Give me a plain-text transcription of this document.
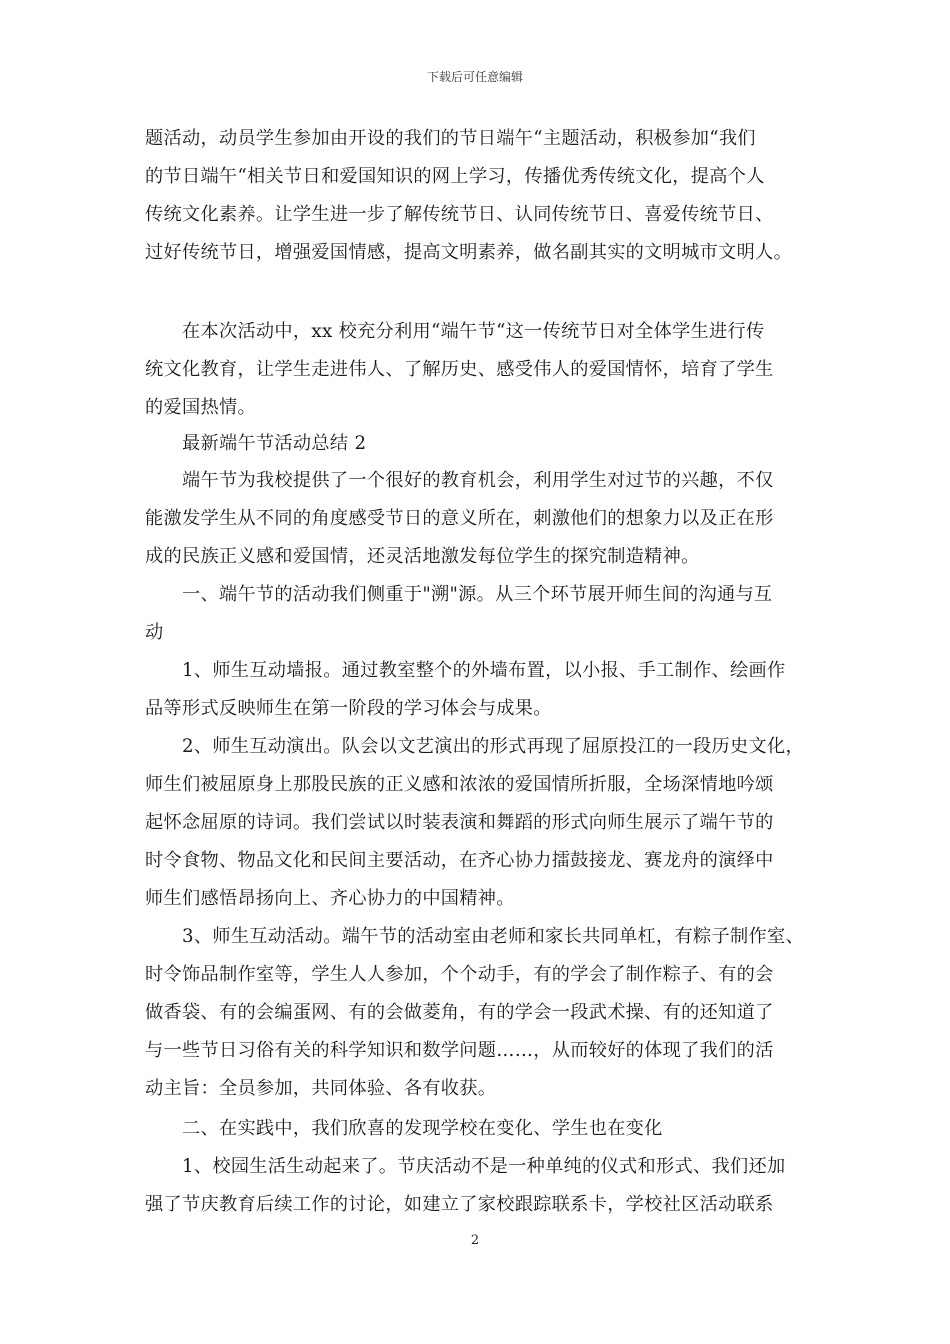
下载后可任意编辑
题活动，动员学生参加由开设的我们的节日端午“主题活动，积极参加“我们
的节日端午“相关节日和爱国知识的网上学习，传播优秀传统文化，提高个人
传统文化素养。让学生进一步了解传统节日、认同传统节日、喜爱传统节日、
过好传统节日，增强爱国情感，提高文明素养，做名副其实的文明城市文明人。
　　在本次活动中，xx 校充分利用“端午节“这一传统节日对全体学生进行传
统文化教育，让学生走进伟人、了解历史、感受伟人的爱国情怀，培育了学生
的爱国热情。
　　最新端午节活动总结 2
　　端午节为我校提供了一个很好的教育机会，利用学生对过节的兴趣，不仅
能激发学生从不同的角度感受节日的意义所在，刺激他们的想象力以及正在形
成的民族正义感和爱国情，还灵活地激发每位学生的探究制造精神。
　　一、端午节的活动我们侧重于"溯"源。从三个环节展开师生间的沟通与互
动
　　1、师生互动墙报。通过教室整个的外墙布置，以小报、手工制作、绘画作
品等形式反映师生在第一阶段的学习体会与成果。
　　2、师生互动演出。队会以文艺演出的形式再现了屈原投江的一段历史文化，
师生们被屈原身上那股民族的正义感和浓浓的爱国情所折服，全场深情地吟颂
起怀念屈原的诗词。我们尝试以时装表演和舞蹈的形式向师生展示了端午节的
时令食物、物品文化和民间主要活动，在齐心协力擂鼓接龙、赛龙舟的演绎中
师生们感悟昂扬向上、齐心协力的中国精神。
　　3、师生互动活动。端午节的活动室由老师和家长共同单杠，有粽子制作室、
时令饰品制作室等，学生人人参加，个个动手，有的学会了制作粽子、有的会
做香袋、有的会编蛋网、有的会做菱角，有的学会一段武术操、有的还知道了
与一些节日习俗有关的科学知识和数学问题……，从而较好的体现了我们的活
动主旨：全员参加，共同体验、各有收获。
　　二、在实践中，我们欣喜的发现学校在变化、学生也在变化
　　1、校园生活生动起来了。节庆活动不是一种单纯的仪式和形式、我们还加
强了节庆教育后续工作的讨论，如建立了家校跟踪联系卡，学校社区活动联系
2
